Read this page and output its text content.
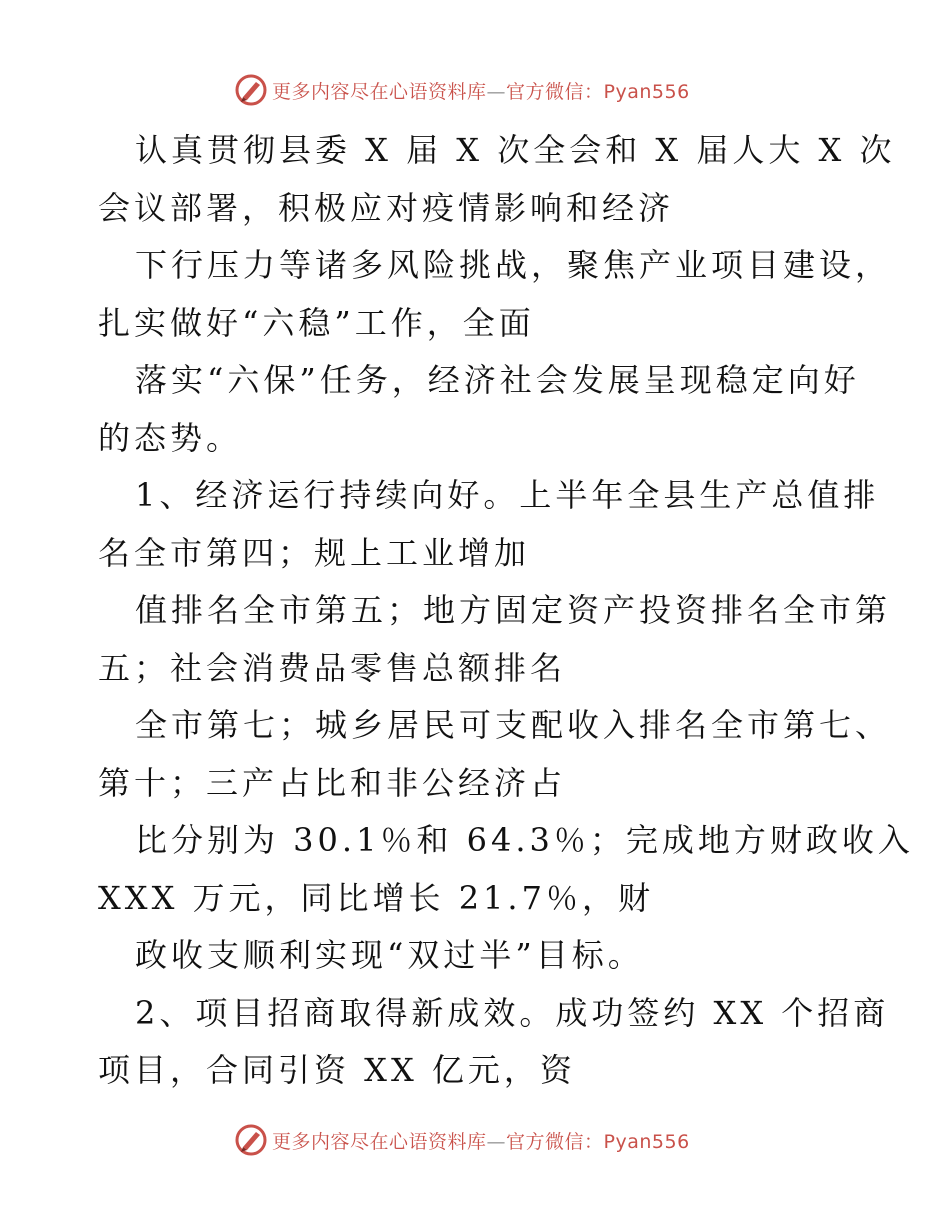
更多内容尽在心语资料库—官方微信：Pyan556
认真贯彻县委 X 届 X 次全会和 X 届人大 X 次
会议部署，积极应对疫情影响和经济
下行压力等诸多风险挑战，聚焦产业项目建设，
扎实做好“六稳”工作，全面
落实“六保”任务，经济社会发展呈现稳定向好
的态势。
1、经济运行持续向好。上半年全县生产总值排
名全市第四；规上工业增加
值排名全市第五；地方固定资产投资排名全市第
五；社会消费品零售总额排名
全市第七；城乡居民可支配收入排名全市第七、
第十；三产占比和非公经济占
比分别为 30.1％和 64.3％；完成地方财政收入
XXX 万元，同比增长 21.7％，财
政收支顺利实现“双过半”目标。
2、项目招商取得新成效。成功签约 XX 个招商
项目，合同引资 XX 亿元，资
更多内容尽在心语资料库—官方微信：Pyan556
